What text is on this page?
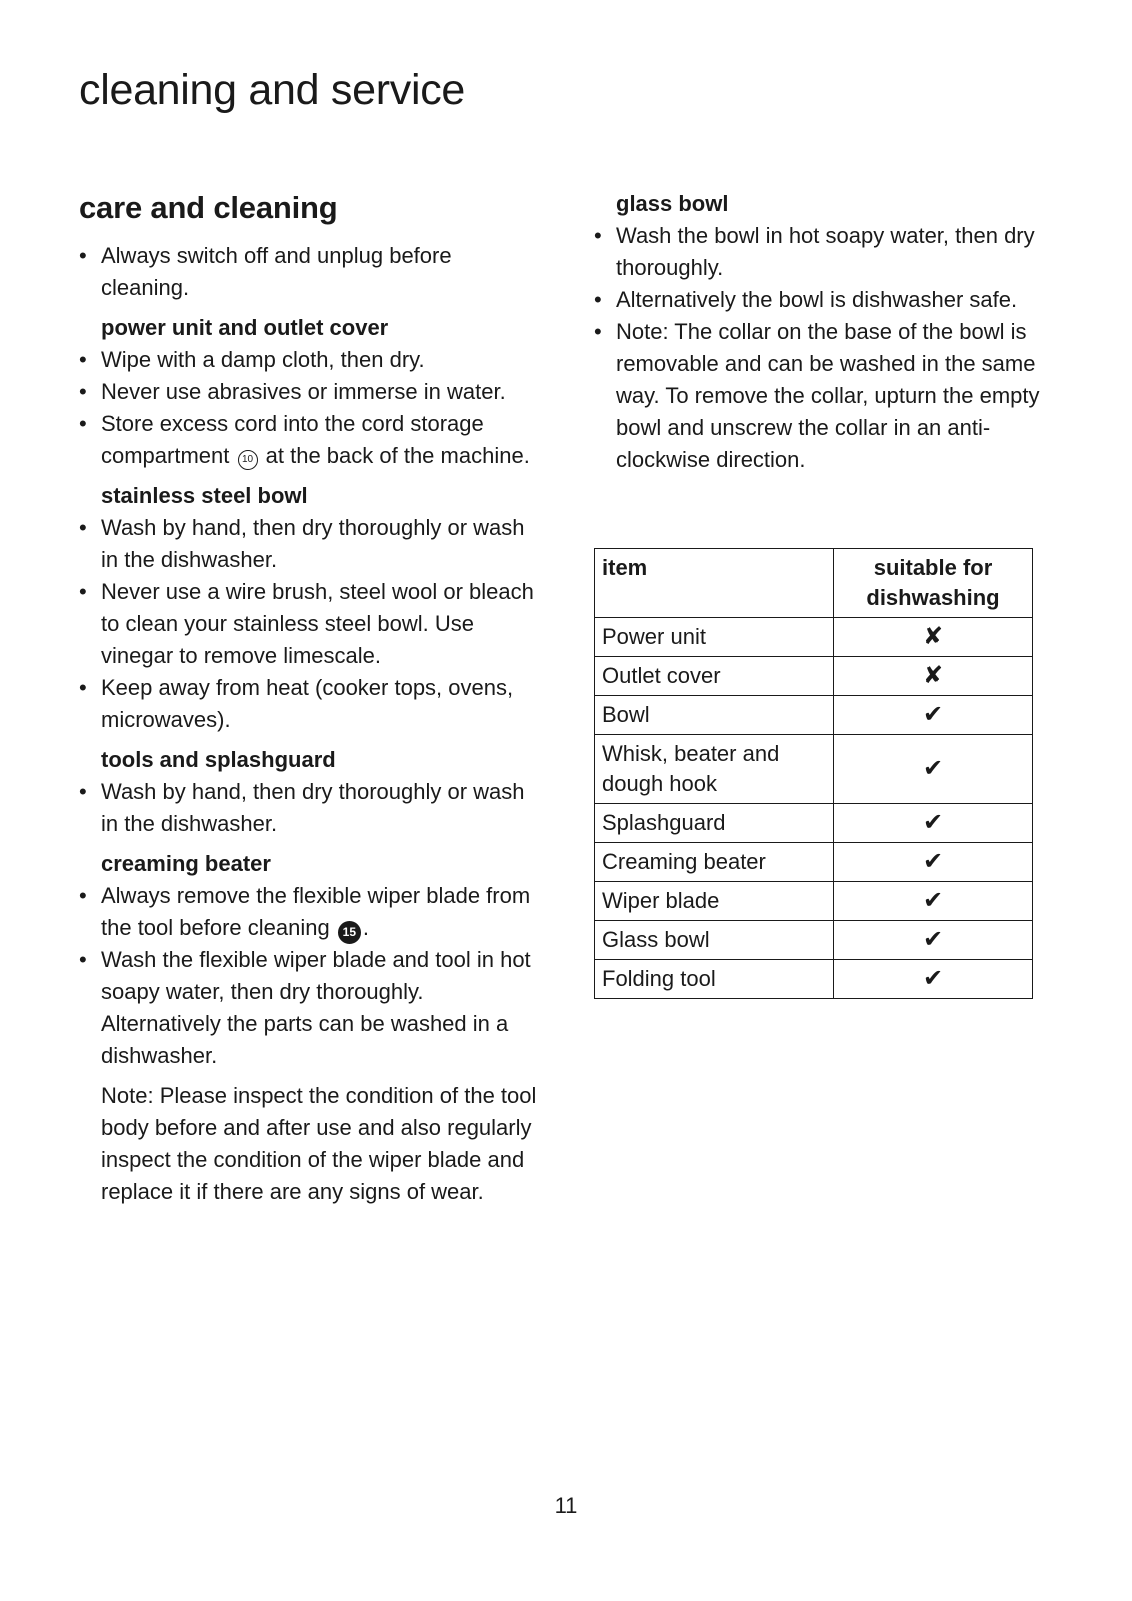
cleaning and service
care and cleaning
• Always switch off and unplug before cleaning.
power unit and outlet cover
• Wipe with a damp cloth, then dry.
• Never use abrasives or immerse in water.
• Store excess cord into the cord storage compartment 10 at the back of the machine.
stainless steel bowl
• Wash by hand, then dry thoroughly or wash in the dishwasher.
• Never use a wire brush, steel wool or bleach to clean your stainless steel bowl. Use vinegar to remove limescale.
• Keep away from heat (cooker tops, ovens, microwaves).
tools and splashguard
• Wash by hand, then dry thoroughly or wash in the dishwasher.
creaming beater
• Always remove the flexible wiper blade from the tool before cleaning 15 .
• Wash the flexible wiper blade and tool in hot soapy water, then dry thoroughly. Alternatively the parts can be washed in a dishwasher.
Note: Please inspect the condition of the tool body before and after use and also regularly inspect the condition of the wiper blade and replace it if there are any signs of wear.
glass bowl
• Wash the bowl in hot soapy water, then dry thoroughly.
• Alternatively the bowl is dishwasher safe.
• Note: The collar on the base of the bowl is removable and can be washed in the same way. To remove the collar, upturn the empty bowl and unscrew the collar in an anti-clockwise direction.
item	suitable for
dishwashing
Power unit	✘
Outlet cover	✘
Bowl	✔
Whisk, beater and dough hook	✔
Splashguard	✔
Creaming beater	✔
Wiper blade	✔
Glass bowl	✔
Folding tool	✔
11
